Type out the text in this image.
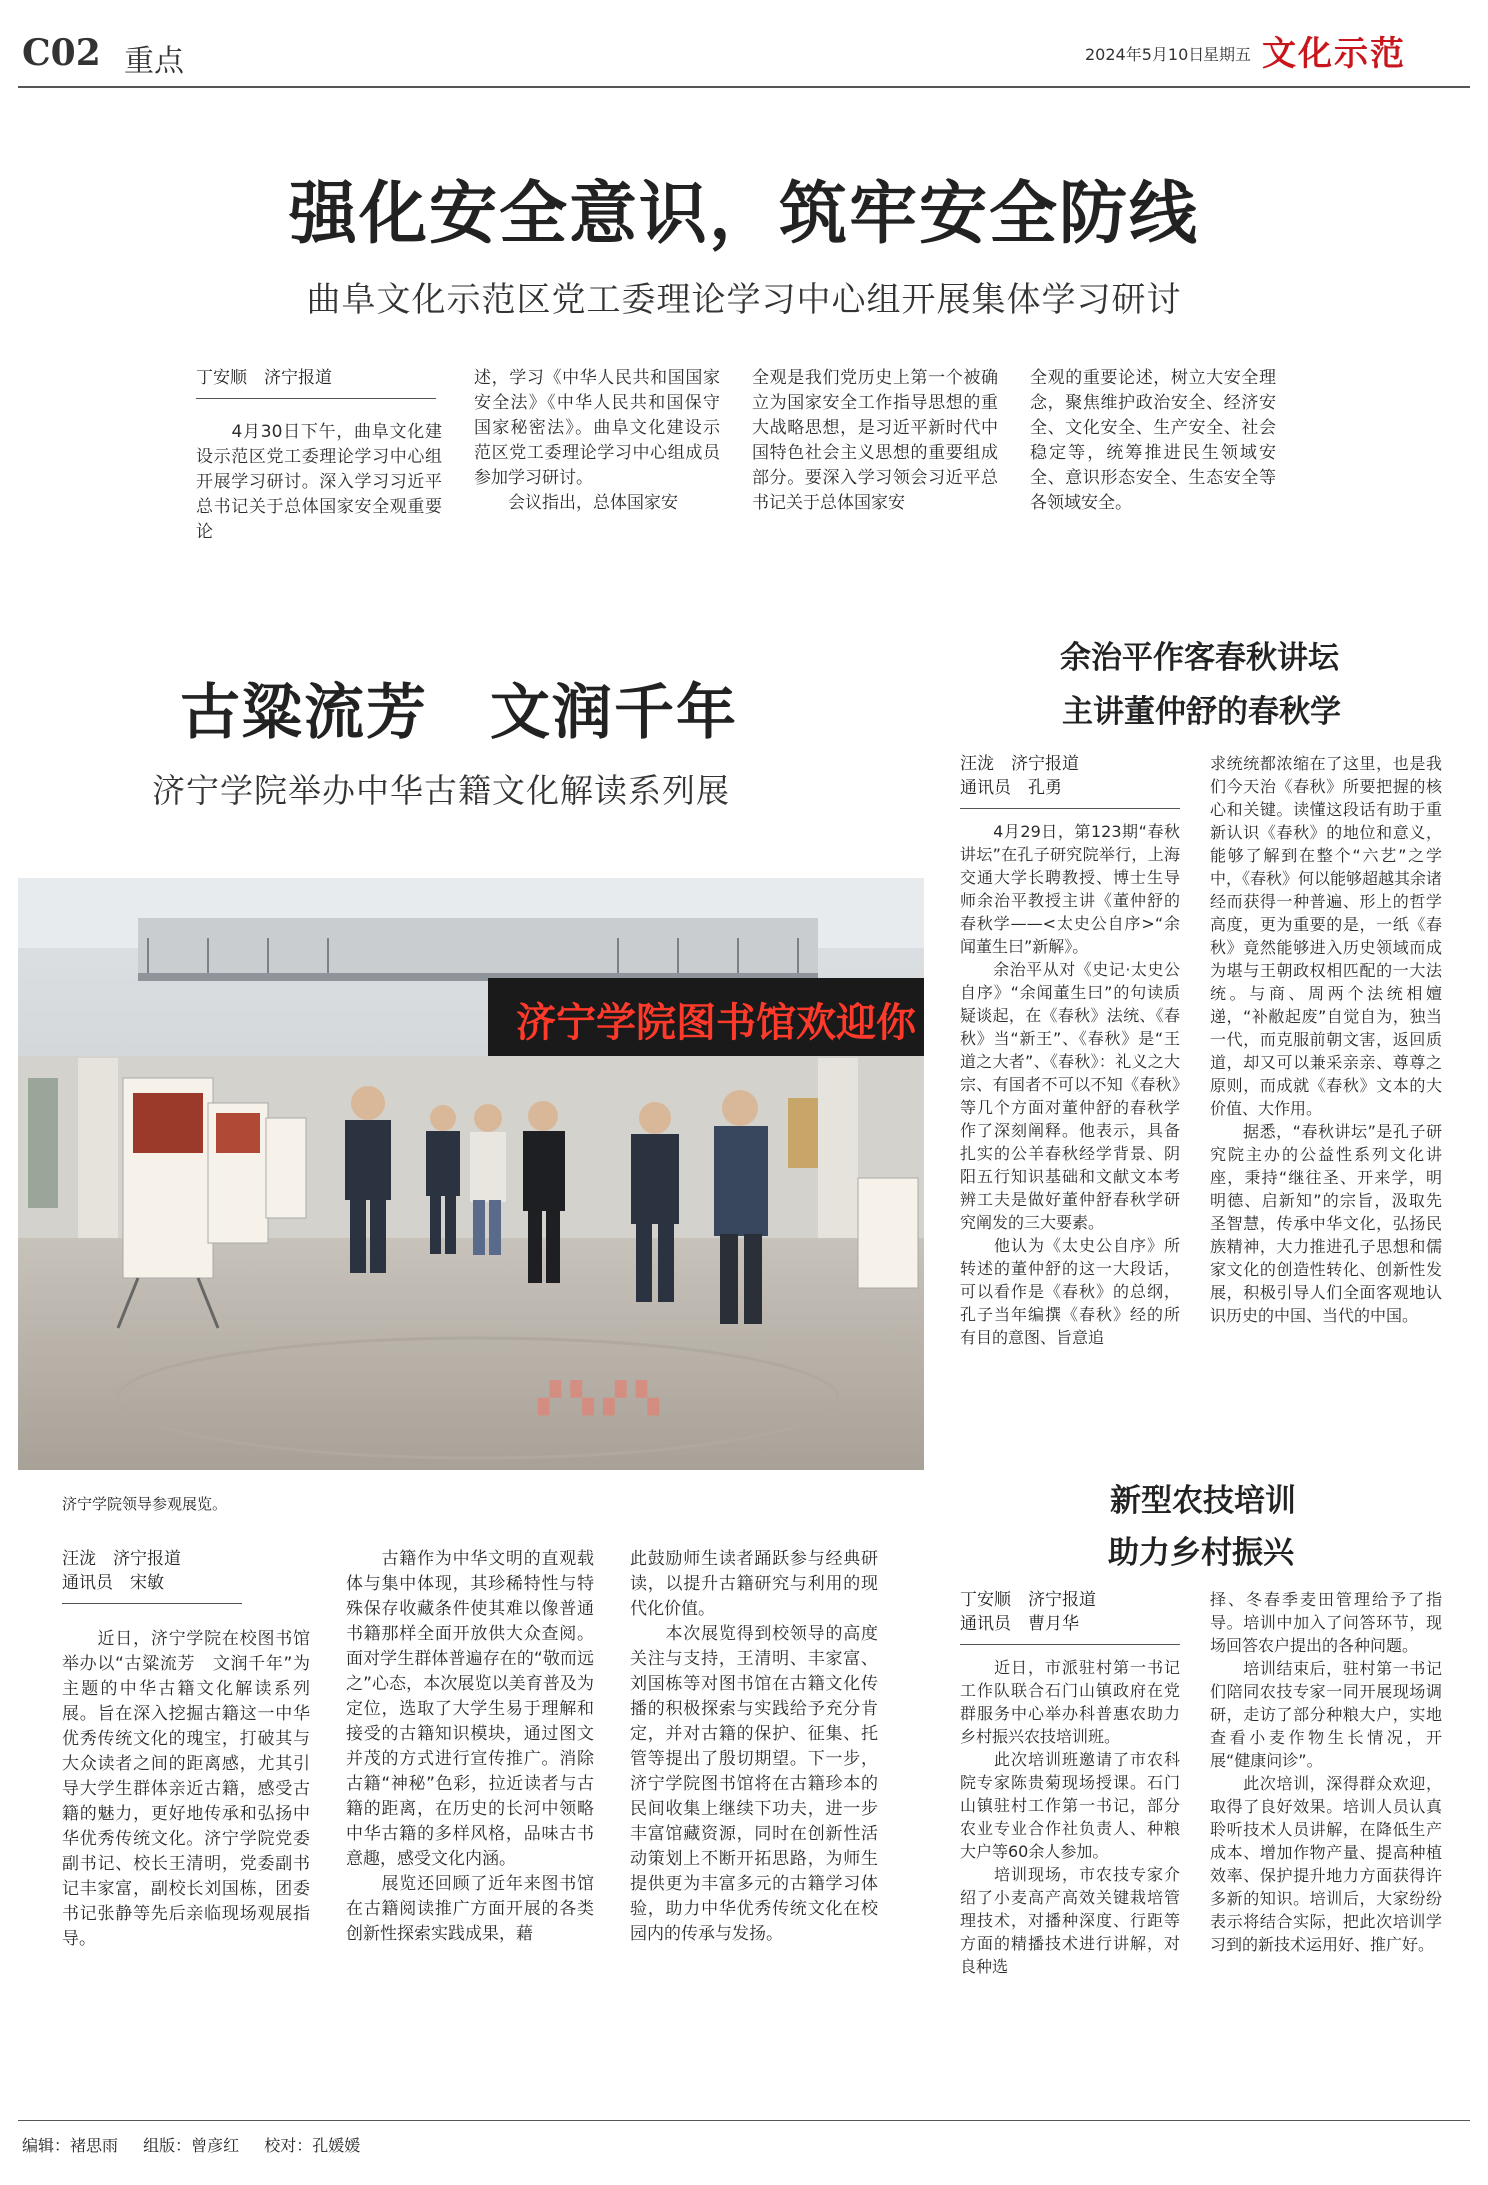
C02 重点	2024年5月10日
星期五 文化示范
强化安全意识，筑牢安全防线
曲阜文化示范区党工委理论学习中心组开展集体学习研讨
丁安顺　济宁报道
　　4月30日下午，曲阜文化建设示范区党工委理论学习中心组开展学习研讨。深入学习习近平总书记关于总体国家安全观重要论
述，学习《中华人民共和国国家安全法》《中华人民共和国保守国家秘密法》。曲阜文化建设示范区党工委理论学习中心组成员参加学习研讨。
　　会议指出，总体国家安
全观是我们党历史上第一个被确立为国家安全工作指导思想的重大战略思想，是习近平新时代中国特色社会主义思想的重要组成部分。要深入学习领会习近平总书记关于总体国家安
全观的重要论述，树立大安全理念，聚焦维护政治安全、经济安全、文化安全、生产安全、社会稳定等，统筹推进民生领域安全、意识形态安全、生态安全等各领域安全。
古粱流芳　文润千年
济宁学院举办中华古籍文化解读系列展
济宁学院图书馆欢迎你
▞ ▚ ▞ ▚
济宁学院领导参观展览。
汪泷　济宁报道
通讯员　宋敏
　　近日，济宁学院在校图书馆举办以“古粱流芳　文润千年”为主题的中华古籍文化解读系列展。旨在深入挖掘古籍这一中华优秀传统文化的瑰宝，打破其与大众读者之间的距离感，尤其引导大学生群体亲近古籍，感受古籍的魅力，更好地传承和弘扬中华优秀传统文化。济宁学院党委副书记、校长王清明，党委副书记丰家富，副校长刘国栋，团委书记张静等先后亲临现场观展指导。
　　古籍作为中华文明的直观载体与集中体现，其珍稀特性与特殊保存收藏条件使其难以像普通书籍那样全面开放供大众查阅。面对学生群体普遍存在的“敬而远之”心态，本次展览以美育普及为定位，选取了大学生易于理解和接受的古籍知识模块，通过图文并茂的方式进行宣传推广。消除古籍“神秘”色彩，拉近读者与古籍的距离，在历史的长河中领略中华古籍的多样风格，品味古书意趣，感受文化内涵。
　　展览还回顾了近年来图书馆在古籍阅读推广方面开展的各类创新性探索实践成果，藉
此鼓励师生读者踊跃参与经典研读，以提升古籍研究与利用的现代化价值。
　　本次展览得到校领导的高度关注与支持，王清明、丰家富、刘国栋等对图书馆在古籍文化传播的积极探索与实践给予充分肯定，并对古籍的保护、征集、托管等提出了殷切期望。下一步，济宁学院图书馆将在古籍珍本的民间收集上继续下功夫，进一步丰富馆藏资源，同时在创新性活动策划上不断开拓思路，为师生提供更为丰富多元的古籍学习体验，助力中华优秀传统文化在校园内的传承与发扬。
余治平作客春秋讲坛
主讲董仲舒的春秋学
汪泷　济宁报道
通讯员　孔勇
　　4月29日，第123期“春秋讲坛”在孔子研究院举行，上海交通大学长聘教授、博士生导师余治平教授主讲《董仲舒的春秋学——<太史公自序>“余闻董生曰”新解》。
　　余治平从对《史记·太史公自序》“余闻董生曰”的句读质疑谈起，在《春秋》法统、《春秋》当“新王”、《春秋》是“王道之大者”、《春秋》：礼义之大宗、有国者不可以不知《春秋》等几个方面对董仲舒的春秋学作了深刻阐释。他表示，具备扎实的公羊春秋经学背景、阴阳五行知识基础和文献文本考辨工夫是做好董仲舒春秋学研究阐发的三大要素。
　　他认为《太史公自序》所转述的董仲舒的这一大段话，可以看作是《春秋》的总纲，孔子当年编撰《春秋》经的所有目的意图、旨意追
求统统都浓缩在了这里，也是我们今天治《春秋》所要把握的核心和关键。读懂这段话有助于重新认识《春秋》的地位和意义，能够了解到在整个“六艺”之学中，《春秋》何以能够超越其余诸经而获得一种普遍、形上的哲学高度，更为重要的是，一纸《春秋》竟然能够进入历史领域而成为堪与王朝政权相匹配的一大法统。与商、周两个法统相嬗递，“补敝起废”自觉自为，独当一代，而克服前朝文害，返回质道，却又可以兼采亲亲、尊尊之原则，而成就《春秋》文本的大价值、大作用。
　　据悉，“春秋讲坛”是孔子研究院主办的公益性系列文化讲座，秉持“继往圣、开来学，明明德、启新知”的宗旨，汲取先圣智慧，传承中华文化，弘扬民族精神，大力推进孔子思想和儒家文化的创造性转化、创新性发展，积极引导人们全面客观地认识历史的中国、当代的中国。
新型农技培训
助力乡村振兴
丁安顺　济宁报道
通讯员　曹月华
　　近日，市派驻村第一书记工作队联合石门山镇政府在党群服务中心举办科普惠农助力乡村振兴农技培训班。
　　此次培训班邀请了市农科院专家陈贵菊现场授课。石门山镇驻村工作第一书记，部分农业专业合作社负责人、种粮大户等60余人参加。
　　培训现场，市农技专家介绍了小麦高产高效关键栽培管理技术，对播种深度、行距等方面的精播技术进行讲解，对良种选
择、冬春季麦田管理给予了指导。培训中加入了问答环节，现场回答农户提出的各种问题。
　　培训结束后，驻村第一书记们陪同农技专家一同开展现场调研，走访了部分种粮大户，实地查看小麦作物生长情况，开展“健康问诊”。
　　此次培训，深得群众欢迎，取得了良好效果。培训人员认真聆听技术人员讲解，在降低生产成本、增加作物产量、提高种植效率、保护提升地力方面获得许多新的知识。培训后，大家纷纷表示将结合实际，把此次培训学习到的新技术运用好、推广好。
编辑：褚思雨 组版：曾彦红 校对：孔媛媛
